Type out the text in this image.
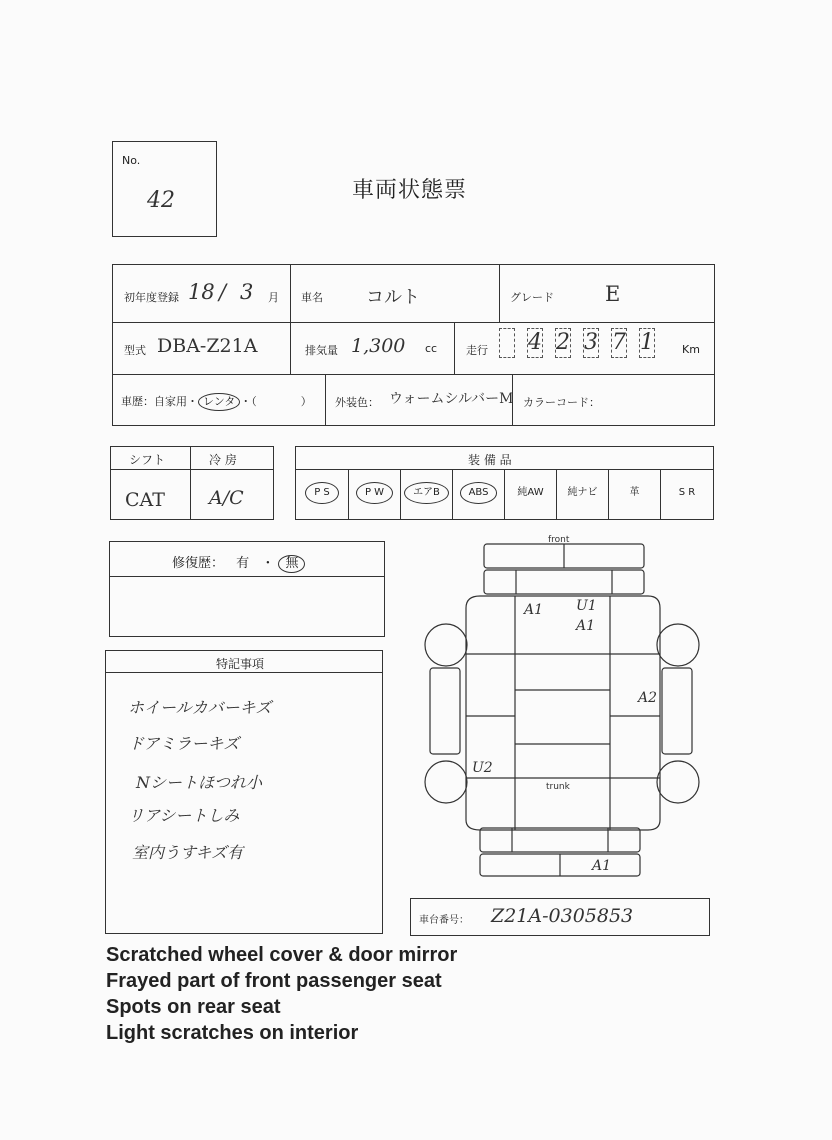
No.
42	車両状態票
初年度登録 18 / 3 月 車名 コルト	グレード E
型式 DBA-Z21A	排気量 1,300 cc	走行 4 2 3 7 1	Km
車歴：自家用・ レンタ ・（　　　　） 外装色： ウォームシルバーM カラーコード：
シフト	冷 房
CAT A/C
装 備 品
P S	P W	エアB	ABS	純AW	純ナビ	革	S R
修復歴： 有 ・ 無
特記事項
ホイールカバーキズ
ドアミラーキズ
Nシートほつれ小
リアシートしみ
室内うすキズ有
front
trunk
A1 U1
A1
A2
U2
A1
車台番号： Z21A-0305853
Scratched wheel cover & door mirror
Frayed part of front passenger seat
Spots on rear seat
Light scratches on interior
